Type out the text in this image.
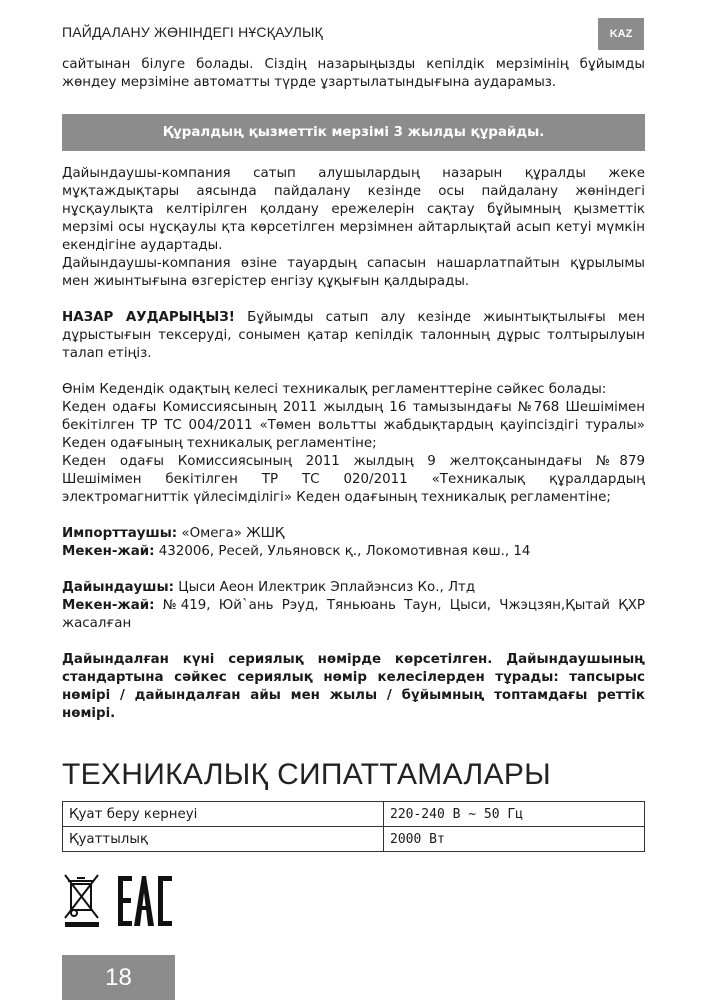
ПАЙДАЛАНУ ЖӨНІНДЕГІ НҰСҚАУЛЫҚ	KAZ

сайтынан білуге болады. Сіздің назарыңызды кепілдік мерзімінің бұйымды жөндеу мерзіміне автоматты түрде ұзартылатындығына аударамыз.

Құралдың қызметтік мерзімі 3 жылды құрайды.

Дайындаушы-компания сатып алушылардың назарын құралды жеке мұқтаждықтары аясында пайдалану кезінде осы пайдалану жөніндегі нұсқаулықта келтірілген қолдану ережелерін сақтау бұйымның қызметтік мерзімі осы нұсқаулы қта көрсетілген мерзімнен айтарлықтай асып кетуі мүмкін екендігіне аудартады.

Дайындаушы-компания өзіне тауардың сапасын нашарлатпайтын құрылымы мен жиынтығына өзгерістер енгізу құқығын қалдырады.

НАЗАР АУДАРЫҢЫЗ! Бұйымды сатып алу кезінде жиынтықтылығы мен дұрыстығын тексеруді, сонымен қатар кепілдік талонның дұрыс толтырылуын талап етіңіз.

Өнім Кедендік одақтың келесі техникалық регламенттеріне сәйкес болады:

Кеден одағы Комиссиясының 2011 жылдың 16 тамызындағы №768 Шешімімен бекітілген ТР ТС 004/2011 «Төмен вольтты жабдықтардың қауіпсіздігі туралы» Кеден одағының техникалық регламентіне;

Кеден одағы Комиссиясының 2011 жылдың 9 желтоқсанындағы №879 Шешімімен бекітілген ТР ТС 020/2011 «Техникалық құралдардың электромагниттік үйлесімділігі» Кеден одағының техникалық регламентіне;

Импорттаушы: «Омега» ЖШҚ

Мекен-жай: 432006, Ресей, Ульяновск қ., Локомотивная көш., 14

Дайындаушы: Цыси Аеон Илектрик Эплайэнсиз Ко., Лтд

Мекен-жай: №419, Юй`ань Рэуд, Тяньюань Таун, Цыси, Чжэцзян,Қытай ҚХР жасалған

Дайындалған күні сериялық нөмірде көрсетілген. Дайындаушының стандартына сәйкес сериялық нөмір келесілерден тұрады: тапсырыс нөмірі / дайындалған айы мен жылы / бұйымның топтамдағы реттік нөмірі.

ТЕХНИКАЛЫҚ СИПАТТАМАЛАРЫ
Қуат беру кернеуі	220-240 В ~ 50 Гц
Қуаттылық	2000 Вт
18
